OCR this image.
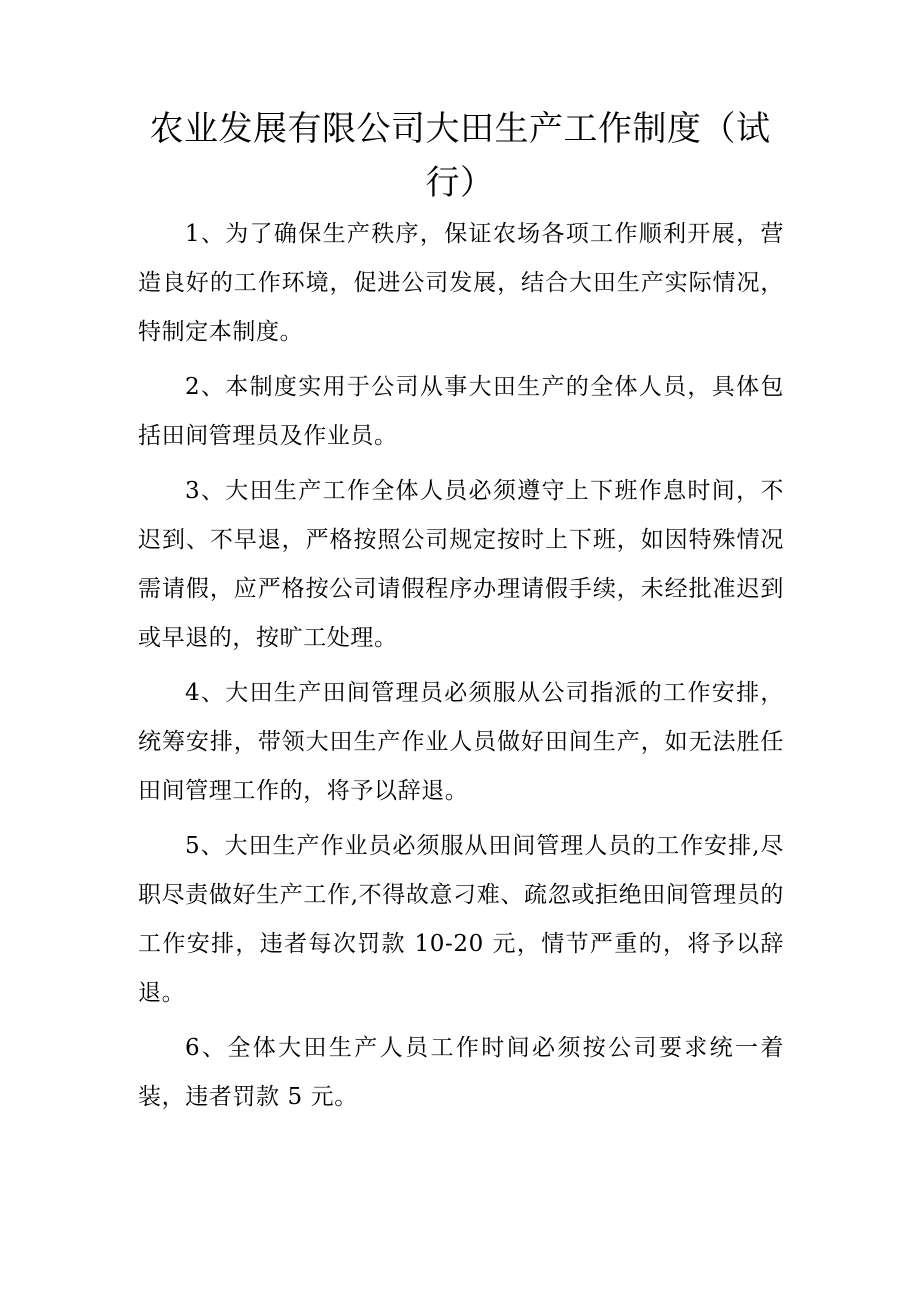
农业发展有限公司大田生产工作制度（试行）

1、为了确保生产秩序，保证农场各项工作顺利开展，营造良好的工作环境，促进公司发展，结合大田生产实际情况，特制定本制度。

2、本制度实用于公司从事大田生产的全体人员，具体包括田间管理员及作业员。

3、大田生产工作全体人员必须遵守上下班作息时间，不迟到、不早退，严格按照公司规定按时上下班，如因特殊情况需请假，应严格按公司请假程序办理请假手续，未经批准迟到或早退的，按旷工处理。

4、大田生产田间管理员必须服从公司指派的工作安排，统筹安排，带领大田生产作业人员做好田间生产，如无法胜任田间管理工作的，将予以辞退。

5、大田生产作业员必须服从田间管理人员的工作安排,尽职尽责做好生产工作,不得故意刁难、疏忽或拒绝田间管理员的工作安排，违者每次罚款 10-20 元，情节严重的，将予以辞退。

6、全体大田生产人员工作时间必须按公司要求统一着装，违者罚款 5 元。
